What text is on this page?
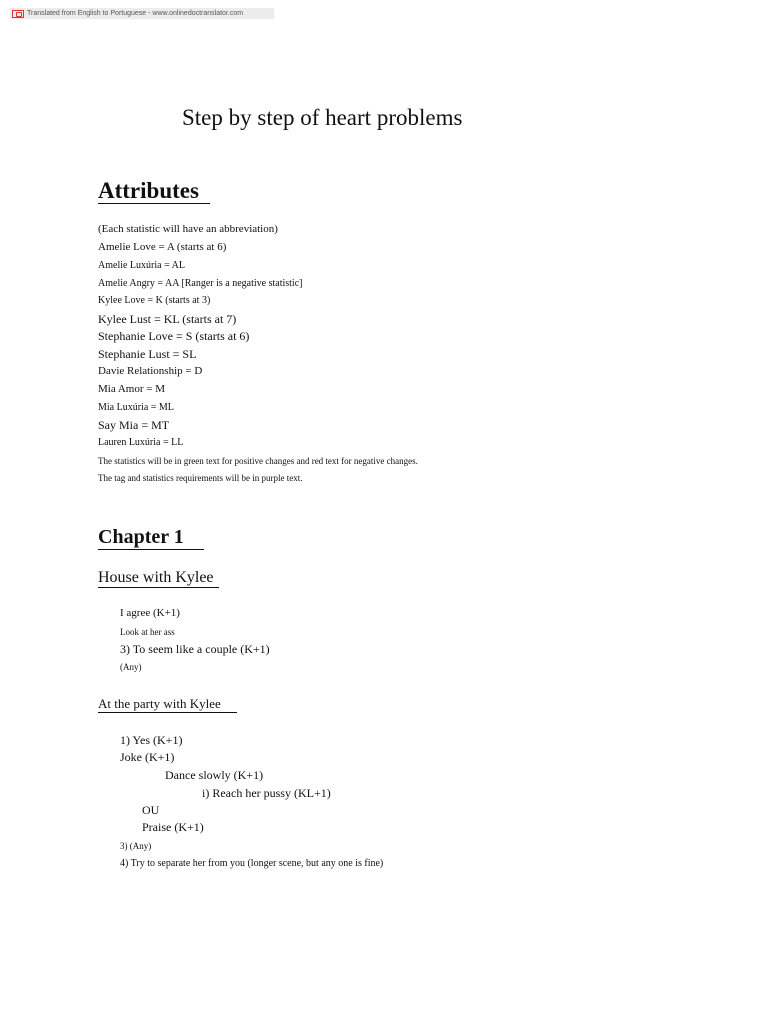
Translated from English to Portuguese - www.onlinedoctranslator.com
Step by step of heart problems
Attributes
(Each statistic will have an abbreviation)
Amelie Love = A (starts at 6)
Amelie Luxúria = AL
Amelie Angry = AA [Ranger is a negative statistic]
Kylee Love = K (starts at 3)
Kylee Lust = KL (starts at 7)
Stephanie Love = S (starts at 6)
Stephanie Lust = SL
Davie Relationship = D
Mia Amor = M
Mia Luxúria = ML
Say Mia = MT
Lauren Luxúria = LL
The statistics will be in green text for positive changes and red text for negative changes.
The tag and statistics requirements will be in purple text.
Chapter 1
House with Kylee
I agree (K+1)
Look at her ass
3) To seem like a couple (K+1)
(Any)
At the party with Kylee
1) Yes (K+1)
Joke (K+1)
Dance slowly (K+1)
i) Reach her pussy (KL+1)
OU
Praise (K+1)
3) (Any)
4) Try to separate her from you (longer scene, but any one is fine)
